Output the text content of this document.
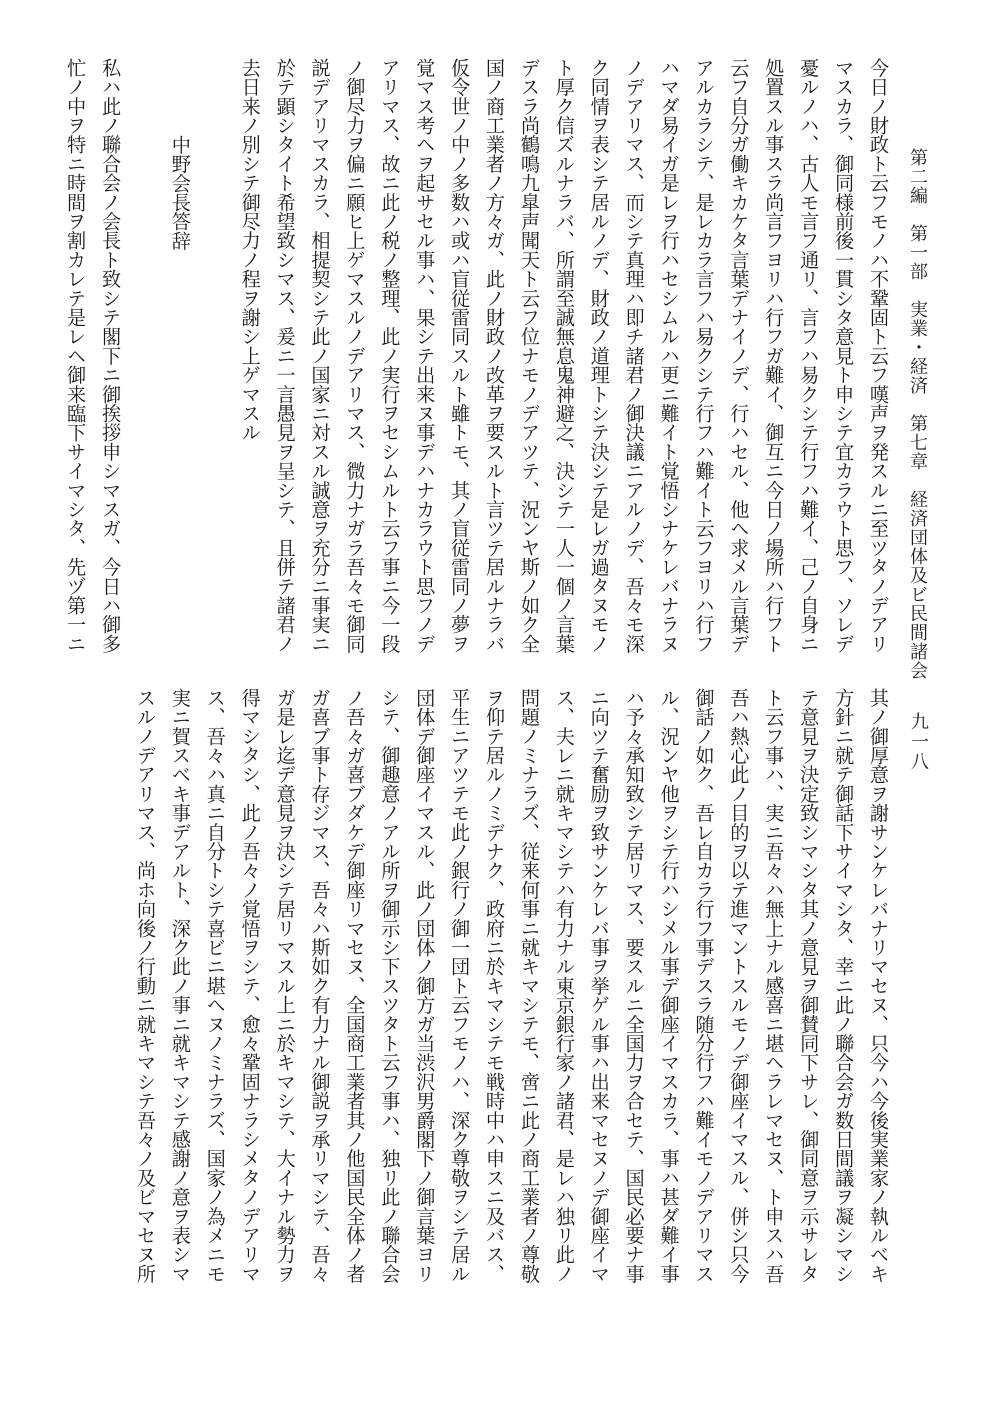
第二編　第一部　実業・経済　第七章　経済団体及ビ民間諸会
九一八
今日ノ財政ト云フモノハ不鞏固ト云フ嘆声ヲ発スルニ至ツタノデアリ
マスカラ、御同様前後一貫シタ意見ト申シテ宜カラウト思フ、ソレデ
憂ルノハ、古人モ言フ通リ、言フハ易クシテ行フハ難イ、己ノ自身ニ
処置スル事スラ尚言フヨリハ行フガ難イ、御互ニ今日ノ場所ハ行フト
云フ自分ガ働キカケタ言葉デナイノデ、行ハセル、他ヘ求メル言葉デ
アルカラシテ、是レカラ言フハ易クシテ行フハ難イト云フヨリハ行フ
ハマダ易イガ是レヲ行ハセシムルハ更ニ難イト覚悟シナケレバナラヌ
ノデアリマス、而シテ真理ハ即チ諸君ノ御決議ニアルノデ、吾々モ深
ク同情ヲ表シテ居ルノデ、財政ノ道理トシテ決シテ是レガ過タヌモノ
ト厚ク信ズルナラバ、所謂至誠無息鬼神避之、決シテ一人一個ノ言葉
デスラ尚鶴鳴九皐声聞天ト云フ位ナモノデアツテ、況ンヤ斯ノ如ク全
国ノ商工業者ノ方々ガ、此ノ財政ノ改革ヲ要スルト言ツテ居ルナラバ
仮令世ノ中ノ多数ハ或ハ盲従雷同スルト雖トモ、其ノ盲従雷同ノ夢ヲ
覚マス考ヘヲ起サセル事ハ、果シテ出来ヌ事デハナカラウト思フノデ
アリマス、故ニ此ノ税ノ整理、此ノ実行ヲセシムルト云フ事ニ今一段
ノ御尽力ヲ偏ニ願ヒ上ゲマスルノデアリマス、微力ナガラ吾々モ御同
説デアリマスカラ、相提契シテ此ノ国家ニ対スル誠意ヲ充分ニ事実ニ
於テ顕シタイト希望致シマス、爰ニ一言愚見ヲ呈シテ、且併テ諸君ノ
去日来ノ別シテ御尽力ノ程ヲ謝シ上ゲマスル

中野会長答辞

私ハ此ノ聯合会ノ会長ト致シテ閣下ニ御挨拶申シマスガ、今日ハ御多
忙ノ中ヲ特ニ時間ヲ割カレテ是レヘ御来臨下サイマシタ、先ヅ第一ニ
其ノ御厚意ヲ謝サンケレバナリマセヌ、只今ハ今後実業家ノ執ルベキ
方針ニ就テ御話下サイマシタ、幸ニ此ノ聯合会ガ数日間議ヲ凝シマシ
テ意見ヲ決定致シマシタ其ノ意見ヲ御賛同下サレ、御同意ヲ示サレタ
ト云フ事ハ、実ニ吾々ハ無上ナル感喜ニ堪ヘラレマセヌ、ト申スハ吾
吾ハ熱心此ノ目的ヲ以テ進マントスルモノデ御座イマスル、併シ只今
御話ノ如ク、吾レ自カラ行フ事デスラ随分行フハ難イモノデアリマス
ル、況ンヤ他ヲシテ行ハシメル事デ御座イマスカラ、事ハ甚ダ難イ事
ハ予々承知致シテ居リマス、要スルニ全国力ヲ合セテ、国民必要ナ事
ニ向ツテ奮励ヲ致サンケレバ事ヲ挙ゲル事ハ出来マセヌノデ御座イマ
ス、夫レニ就キマシテハ有力ナル東京銀行家ノ諸君、是レハ独リ此ノ
問題ノミナラズ、従来何事ニ就キマシテモ、啻ニ此ノ商工業者ノ尊敬
ヲ仰テ居ルノミデナク、政府ニ於キマシテモ戦時中ハ申スニ及バス、
平生ニアツテモ此ノ銀行ノ御一団ト云フモノハ、深ク尊敬ヲシテ居ル
団体デ御座イマスル、此ノ団体ノ御方ガ当渋沢男爵閣下ノ御言葉ヨリ
シテ、御趣意ノアル所ヲ御示シ下スツタト云フ事ハ、独リ此ノ聯合会
ノ吾々ガ喜ブダケデ御座リマセヌ、全国商工業者其ノ他国民全体ノ者
ガ喜ブ事ト存ジマス、吾々ハ斯如ク有力ナル御説ヲ承リマシテ、吾々
ガ是レ迄デ意見ヲ決シテ居リマスル上ニ於キマシテ、大イナル勢力ヲ
得マシタシ、此ノ吾々ノ覚悟ヲシテ、愈々鞏固ナラシメタノデアリマ
ス、吾々ハ真ニ自分トシテ喜ビニ堪ヘヌノミナラズ、国家ノ為メニモ
実ニ賀スベキ事デアルト、深ク此ノ事ニ就キマシテ感謝ノ意ヲ表シマ
スルノデアリマス、尚ホ向後ノ行動ニ就キマシテ吾々ノ及ビマセヌ所
